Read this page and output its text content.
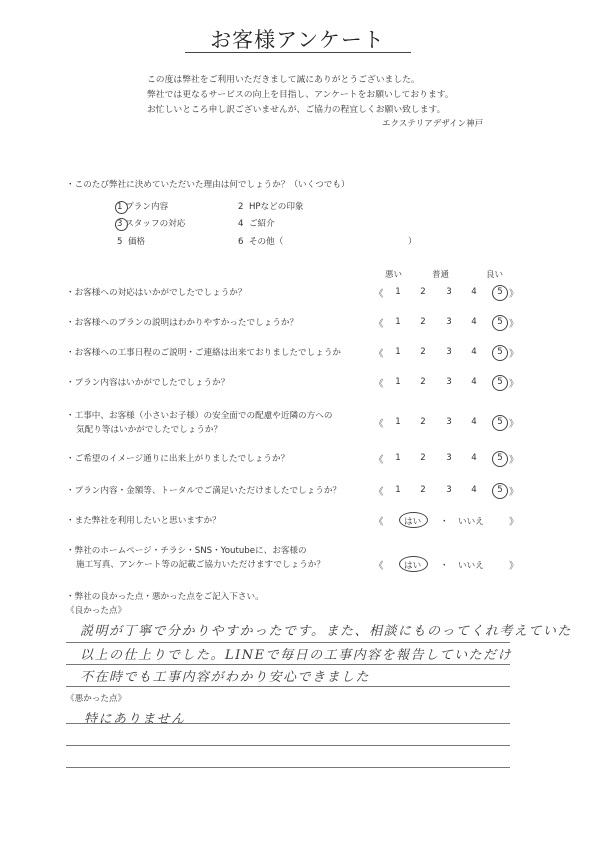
お客様アンケート
この度は弊社をご利用いただきまして誠にありがとうございました。
弊社では更なるサービスの向上を目指し、アンケートをお願いしております。
お忙しいところ申し訳ございませんが、ご協力の程宜しくお願い致します。
エクステリアデザイン神戸
・このたび弊社に決めていただいた理由は何でしょうか？（いくつでも）
1 プラン内容	2 HPなどの印象
3 スタッフの対応	4 ご紹介
5 価格	6 その他（	）
悪い	普通	良い
・お客様への対応はいかがでしたでしょうか？	《	》
1	2	3	4	5
・お客様へのプランの説明はわかりやすかったでしょうか？	《	》
1	2	3	4	5
・お客様への工事日程のご説明・ご連絡は出来ておりましたでしょうか	《	》
1	2	3	4	5
・プラン内容はいかがでしたでしょうか？	《	》
1	2	3	4	5
・工事中、お客様（小さいお子様）の安全面での配慮や近隣の方への
気配り等はいかがでしたでしょうか？	《	》
1	2	3	4	5
・ご希望のイメージ通りに出来上がりましたでしょうか？	《	》
1	2	3	4	5
・プラン内容・金額等、トータルでご満足いただけましたでしょうか？	《	》
1	2	3	4	5
・また弊社を利用したいと思いますか？	《	》
はい ・ いいえ
・弊社のホームページ・チラシ・SNS・Youtubeに、お客様の
施工写真、アンケート等の記載ご協力いただけますでしょうか？	《	》
はい ・ いいえ
・弊社の良かった点・悪かった点をご記入下さい。
《良かった点》
説明が丁寧で分かりやすかったです。また、相談にものってくれ考えていた
以上の仕上りでした。LINEで毎日の工事内容を報告していただけ
不在時でも工事内容がわかり安心できました
《悪かった点》
特にありません
